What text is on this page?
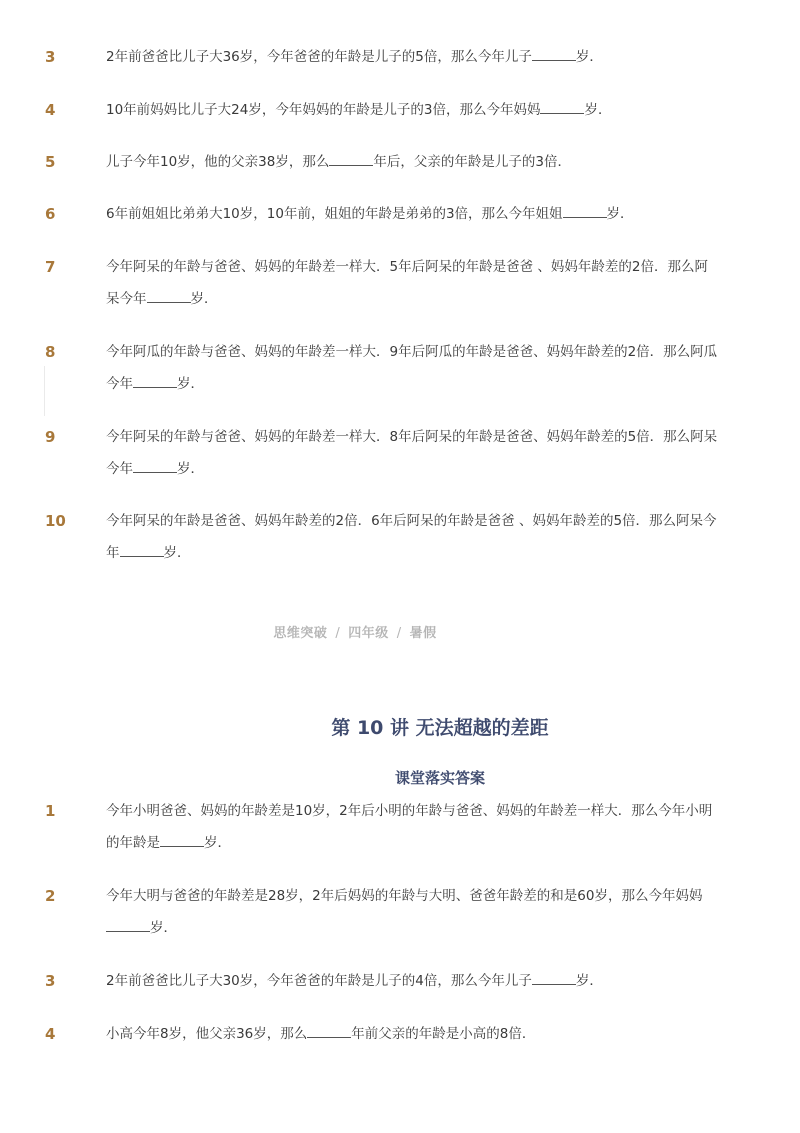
3	2年前爸爸比儿子大36岁，今年爸爸的年龄是儿子的5倍，那么今年儿子	岁．
4	10年前妈妈比儿子大24岁，今年妈妈的年龄是儿子的3倍，那么今年妈妈	岁．
5	儿子今年10岁，他的父亲38岁，那么	年后，父亲的年龄是儿子的3倍．
6	6年前姐姐比弟弟大10岁，10年前，姐姐的年龄是弟弟的3倍，那么今年姐姐	岁．
7	今年阿呆的年龄与爸爸、妈妈的年龄差一样大．5年后阿呆的年龄是爸爸 、妈妈年龄差的2倍．那么阿呆今年	岁．
8	今年阿瓜的年龄与爸爸、妈妈的年龄差一样大．9年后阿瓜的年龄是爸爸、妈妈年龄差的2倍．那么阿瓜今年	岁．
9	今年阿呆的年龄与爸爸、妈妈的年龄差一样大．8年后阿呆的年龄是爸爸、妈妈年龄差的5倍．那么阿呆今年	岁．
10	今年阿呆的年龄是爸爸、妈妈年龄差的2倍．6年后阿呆的年龄是爸爸 、妈妈年龄差的5倍．那么阿呆今年	岁．
思维突破 / 四年级 / 暑假
第 10 讲 无法超越的差距
课堂落实答案
1	今年小明爸爸、妈妈的年龄差是10岁，2年后小明的年龄与爸爸、妈妈的年龄差一样大．那么今年小明的年龄是	岁．
2	今年大明与爸爸的年龄差是28岁，2年后妈妈的年龄与大明、爸爸年龄差的和是60岁，那么今年妈妈岁．
3	2年前爸爸比儿子大30岁，今年爸爸的年龄是儿子的4倍，那么今年儿子	岁．
4	小高今年8岁，他父亲36岁，那么	年前父亲的年龄是小高的8倍．
